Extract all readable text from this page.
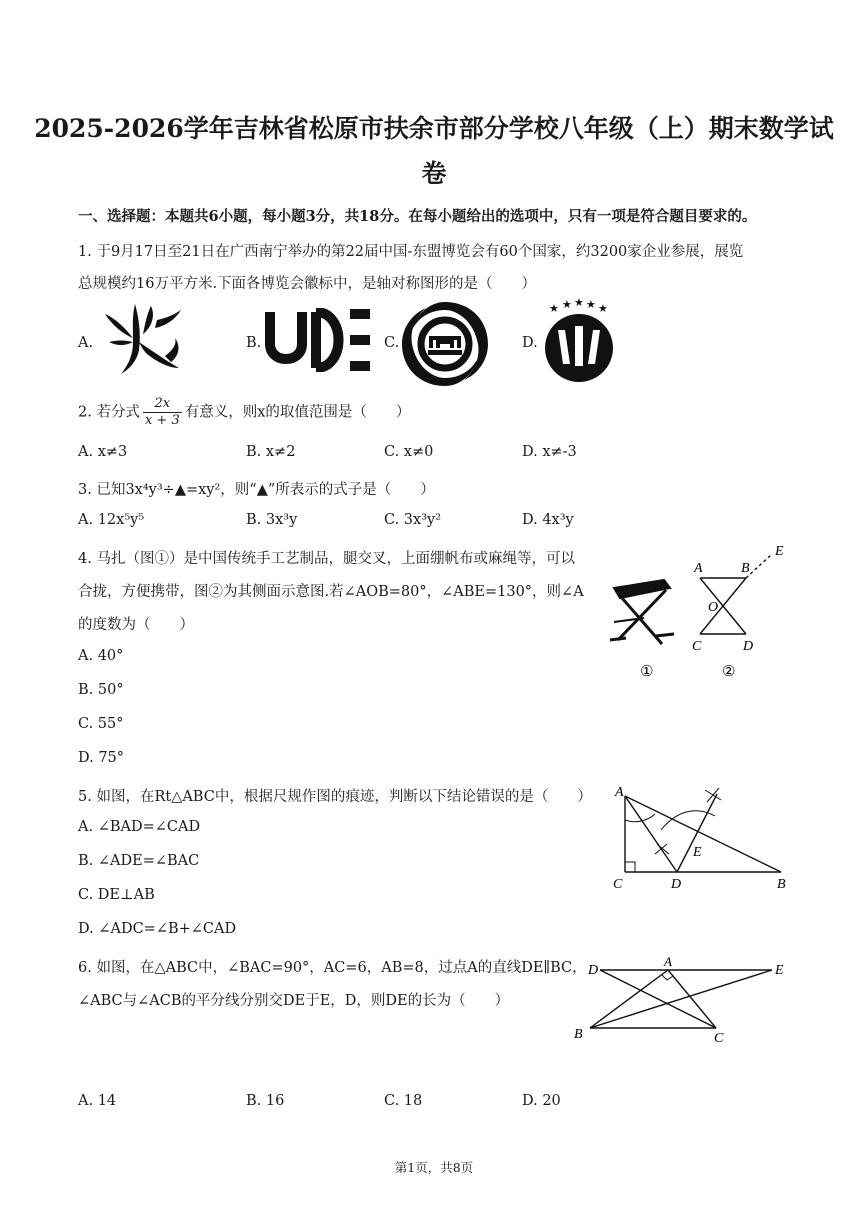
2025-2026学年吉林省松原市扶余市部分学校八年级（上）期末数学试
卷
一、选择题：本题共6小题，每小题3分，共18分。在每小题给出的选项中，只有一项是符合题目要求的。
1. 于9月17日至21日在广西南宁举办的第22届中国-东盟博览会有60个国家，约3200家企业参展，展览
总规模约16万平方米.下面各博览会徽标中，是轴对称图形的是（　　）
A.	B.	C.	D.
★ ★ ★ ★ ★
2. 若分式 $\frac{2x}{x + 3}$ 有意义，则x的取值范围是（　　）
A. x≠3	B. x≠2	C. x≠0	D. x≠-3
3. 已知3x⁴y³÷▲=xy²，则“▲”所表示的式子是（　　）
A. 12x⁵y⁵	B. 3x³y	C. 3x³y²	D. 4x³y
4. 马扎（图①）是中国传统手工艺制品，腿交叉，上面绷帆布或麻绳等，可以
合拢，方便携带，图②为其侧面示意图.若∠AOB=80°，∠ABE=130°，则∠A
的度数为（　　）
A. 40°
B. 50°
C. 55°
D. 75°
A	B
E
O
C	D
①	②
5. 如图，在Rt△ABC中，根据尺规作图的痕迹，判断以下结论错误的是（　　）
A. ∠BAD=∠CAD
B. ∠ADE=∠BAC
C. DE⊥AB
D. ∠ADC=∠B+∠CAD
A
E
C	D	B
6. 如图，在△ABC中，∠BAC=90°，AC=6，AB=8，过点A的直线DE∥BC，
∠ABC与∠ACB的平分线分别交DE于E，D，则DE的长为（　　）
A. 14	B. 16	C. 18	D. 20
D
A
E
B	C
第1页，共8页
